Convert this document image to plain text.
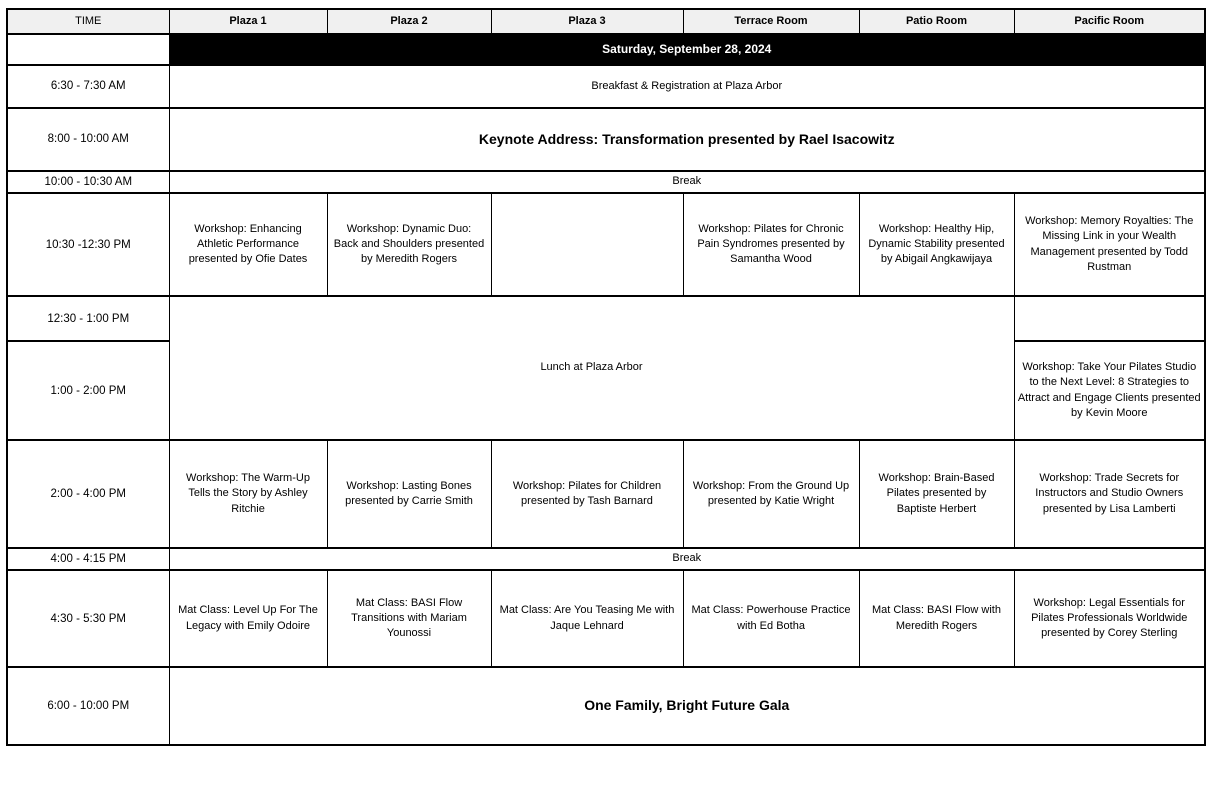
TIME	Plaza 1	Plaza 2	Plaza 3	Terrace Room	Patio Room	Pacific Room
	Saturday, September 28, 2024					
6:30 - 7:30 AM	Breakfast & Registration at Plaza Arbor					
8:00 - 10:00 AM	Keynote Address: Transformation presented by Rael Isacowitz					
10:00 - 10:30 AM	Break					
10:30 -12:30 PM	Workshop: Enhancing Athletic Performance presented by Ofie Dates	Workshop: Dynamic Duo: Back and Shoulders presented by Meredith Rogers		Workshop: Pilates for Chronic Pain Syndromes presented by Samantha Wood	Workshop: Healthy Hip, Dynamic Stability presented by Abigail Angkawijaya	Workshop: Memory Royalties: The Missing Link in your Wealth Management presented by Todd Rustman
12:30 - 1:00 PM	Lunch at Plaza Arbor					
1:00 - 2:00 PM						Workshop: Take Your Pilates Studio to the Next Level: 8 Strategies to Attract and Engage Clients presented by Kevin Moore
2:00 - 4:00 PM	Workshop: The Warm-Up Tells the Story by Ashley Ritchie	Workshop: Lasting Bones presented by Carrie Smith	Workshop: Pilates for Children presented by Tash Barnard	Workshop: From the Ground Up presented by Katie Wright	Workshop: Brain-Based Pilates presented by Baptiste Herbert	Workshop: Trade Secrets for Instructors and Studio Owners presented by Lisa Lamberti
4:00 - 4:15 PM	Break					
4:30 - 5:30 PM	Mat Class: Level Up For The Legacy with Emily Odoire	Mat Class: BASI Flow Transitions with Mariam Younossi	Mat Class: Are You Teasing Me with Jaque Lehnard	Mat Class: Powerhouse Practice with Ed Botha	Mat Class: BASI Flow with Meredith Rogers	Workshop: Legal Essentials for Pilates Professionals Worldwide presented by Corey Sterling
6:00 - 10:00 PM	One Family, Bright Future Gala					
